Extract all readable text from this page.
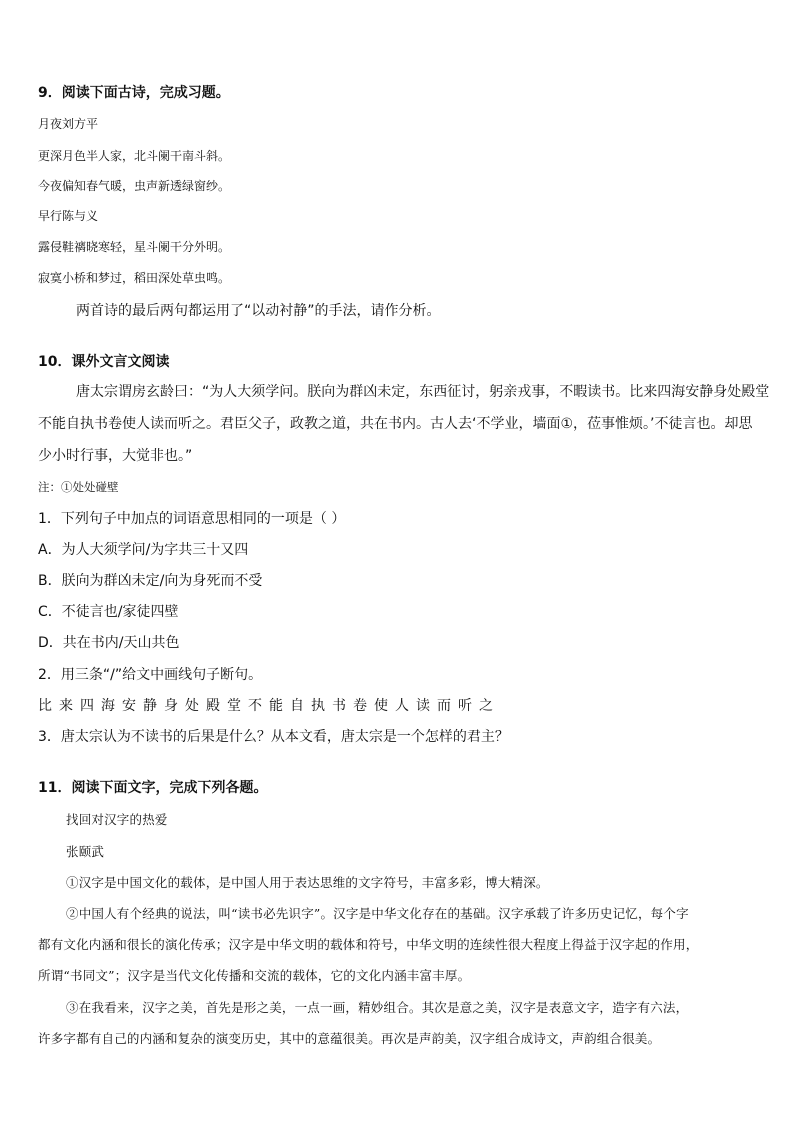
9．阅读下面古诗，完成习题。
月夜刘方平
更深月色半人家，北斗阑干南斗斜。
今夜偏知春气暖，虫声新透绿窗纱。
早行陈与义
露侵鞋褵晓寒轻，星斗阑干分外明。
寂寞小桥和梦过，稻田深处草虫鸣。
两首诗的最后两句都运用了“以动衬静”的手法，请作分析。
10．课外文言文阅读
唐太宗谓房玄龄曰：“为人大须学问。朕向为群凶未定，东西征讨，躬亲戎事，不暇读书。比来四海安静身处殿堂
不能自执书卷使人读而听之。君臣父子，政教之道，共在书内。古人去‘不学业，墙面①，莅事惟烦。’不徒言也。却思
少小时行事，大觉非也。”
注：①处处碰壁
1．下列句子中加点的词语意思相同的一项是（ ）
A．为人大须学问/为字共三十又四
B．朕向为群凶未定/向为身死而不受
C．不徒言也/家徒四壁
D．共在书内/天山共色
2．用三条“/”给文中画线句子断句。
比来四海安静身处殿堂不能自执书卷使人读而听之
3．唐太宗认为不读书的后果是什么？从本文看，唐太宗是一个怎样的君主？
11．阅读下面文字，完成下列各题。
找回对汉字的热爱
张颐武
①汉字是中国文化的载体，是中国人用于表达思维的文字符号，丰富多彩，博大精深。
②中国人有个经典的说法，叫“读书必先识字”。汉字是中华文化存在的基础。汉字承载了许多历史记忆，每个字
都有文化内涵和很长的演化传承；汉字是中华文明的载体和符号，中华文明的连续性很大程度上得益于汉字起的作用，
所谓“书同文”；汉字是当代文化传播和交流的载体，它的文化内涵丰富丰厚。
③在我看来，汉字之美，首先是形之美，一点一画，精妙组合。其次是意之美，汉字是表意文字，造字有六法，
许多字都有自己的内涵和复杂的演变历史，其中的意蕴很美。再次是声韵美，汉字组合成诗文，声韵组合很美。
